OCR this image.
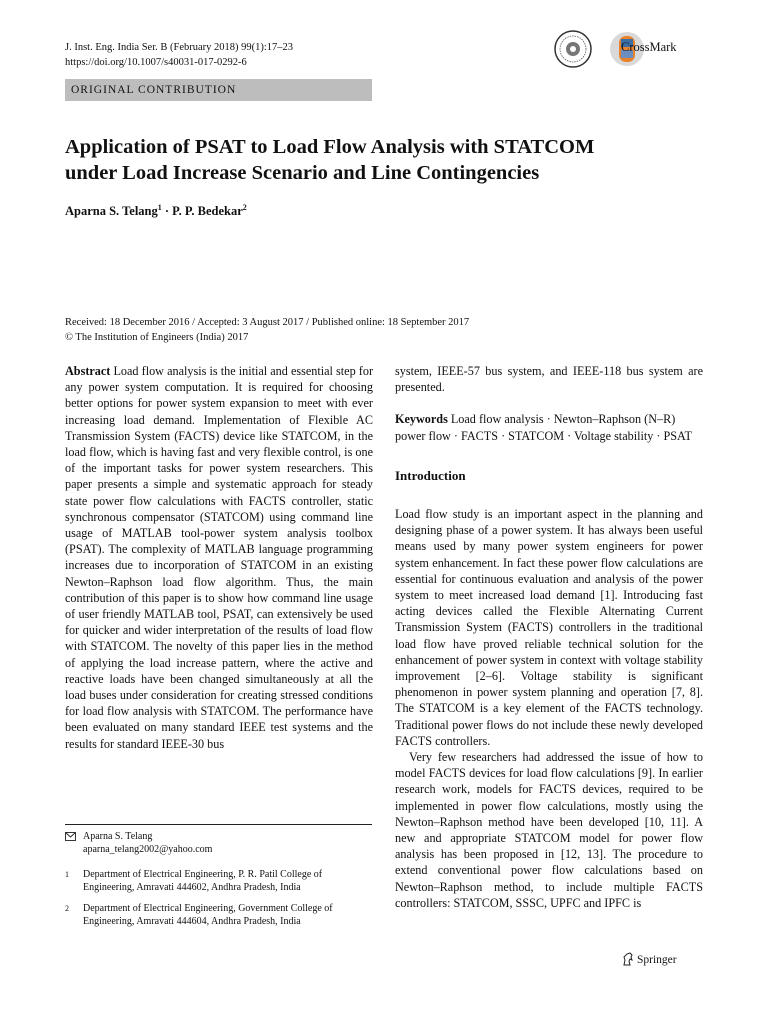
J. Inst. Eng. India Ser. B (February 2018) 99(1):17–23
https://doi.org/10.1007/s40031-017-0292-6
CrossMark
ORIGINAL CONTRIBUTION
Application of PSAT to Load Flow Analysis with STATCOM
under Load Increase Scenario and Line Contingencies
Aparna S. Telang$^1$ · P. P. Bedekar$^2$
Received: 18 December 2016 / Accepted: 3 August 2017 / Published online: 18 September 2017
© The Institution of Engineers (India) 2017

Abstract Load flow analysis is the initial and essential step for any power system computation. It is required for choosing better options for power system expansion to meet with ever increasing load demand. Implementation of Flexible AC Transmission System (FACTS) device like STATCOM, in the load flow, which is having fast and very flexible control, is one of the important tasks for power system researchers. This paper presents a simple and systematic approach for steady state power flow calculations with FACTS controller, static synchronous compensator (STATCOM) using command line usage of MATLAB tool-power system analysis toolbox (PSAT). The complexity of MATLAB language programming increases due to incorporation of STATCOM in an existing Newton–Raphson load flow algorithm. Thus, the main contribution of this paper is to show how command line usage of user friendly MATLAB tool, PSAT, can extensively be used for quicker and wider interpretation of the results of load flow with STATCOM. The novelty of this paper lies in the method of applying the load increase pattern, where the active and reactive loads have been changed simultaneously at all the load buses under consideration for creating stressed conditions for load flow analysis with STATCOM. The performance have been evaluated on many standard IEEE test systems and the results for standard IEEE-30 bus

system, IEEE-57 bus system, and IEEE-118 bus system are presented.

Keywords Load flow analysis · Newton–Raphson (N–R) power flow · FACTS · STATCOM · Voltage stability · PSAT

Introduction

Load flow study is an important aspect in the planning and designing phase of a power system. It has always been useful means used by many power system engineers for power system enhancement. In fact these power flow calculations are essential for continuous evaluation and analysis of the power system to meet increased load demand [1]. Introducing fast acting devices called the Flexible Alternating Current Transmission System (FACTS) controllers in the traditional load flow have proved reliable technical solution for the enhancement of power system in context with voltage stability improvement [2–6]. Voltage stability is significant phenomenon in power system planning and operation [7, 8]. The STATCOM is a key element of the FACTS technology. Traditional power flows do not include these newly developed FACTS controllers.

Very few researchers had addressed the issue of how to model FACTS devices for load flow calculations [9]. In earlier research work, models for FACTS devices, required to be implemented in power flow calculations, mostly using the Newton–Raphson method have been developed [10, 11]. A new and appropriate STATCOM model for power flow analysis has been proposed in [12, 13]. The procedure to extend conventional power flow calculations based on Newton–Raphson method, to include multiple FACTS controllers: STATCOM, SSSC, UPFC and IPFC is

Aparna S. Telang
aparna_telang2002@yahoo.com
1 Department of Electrical Engineering, P. R. Patil College of Engineering, Amravati 444602, Andhra Pradesh, India
2 Department of Electrical Engineering, Government College of Engineering, Amravati 444604, Andhra Pradesh, India
Springer
